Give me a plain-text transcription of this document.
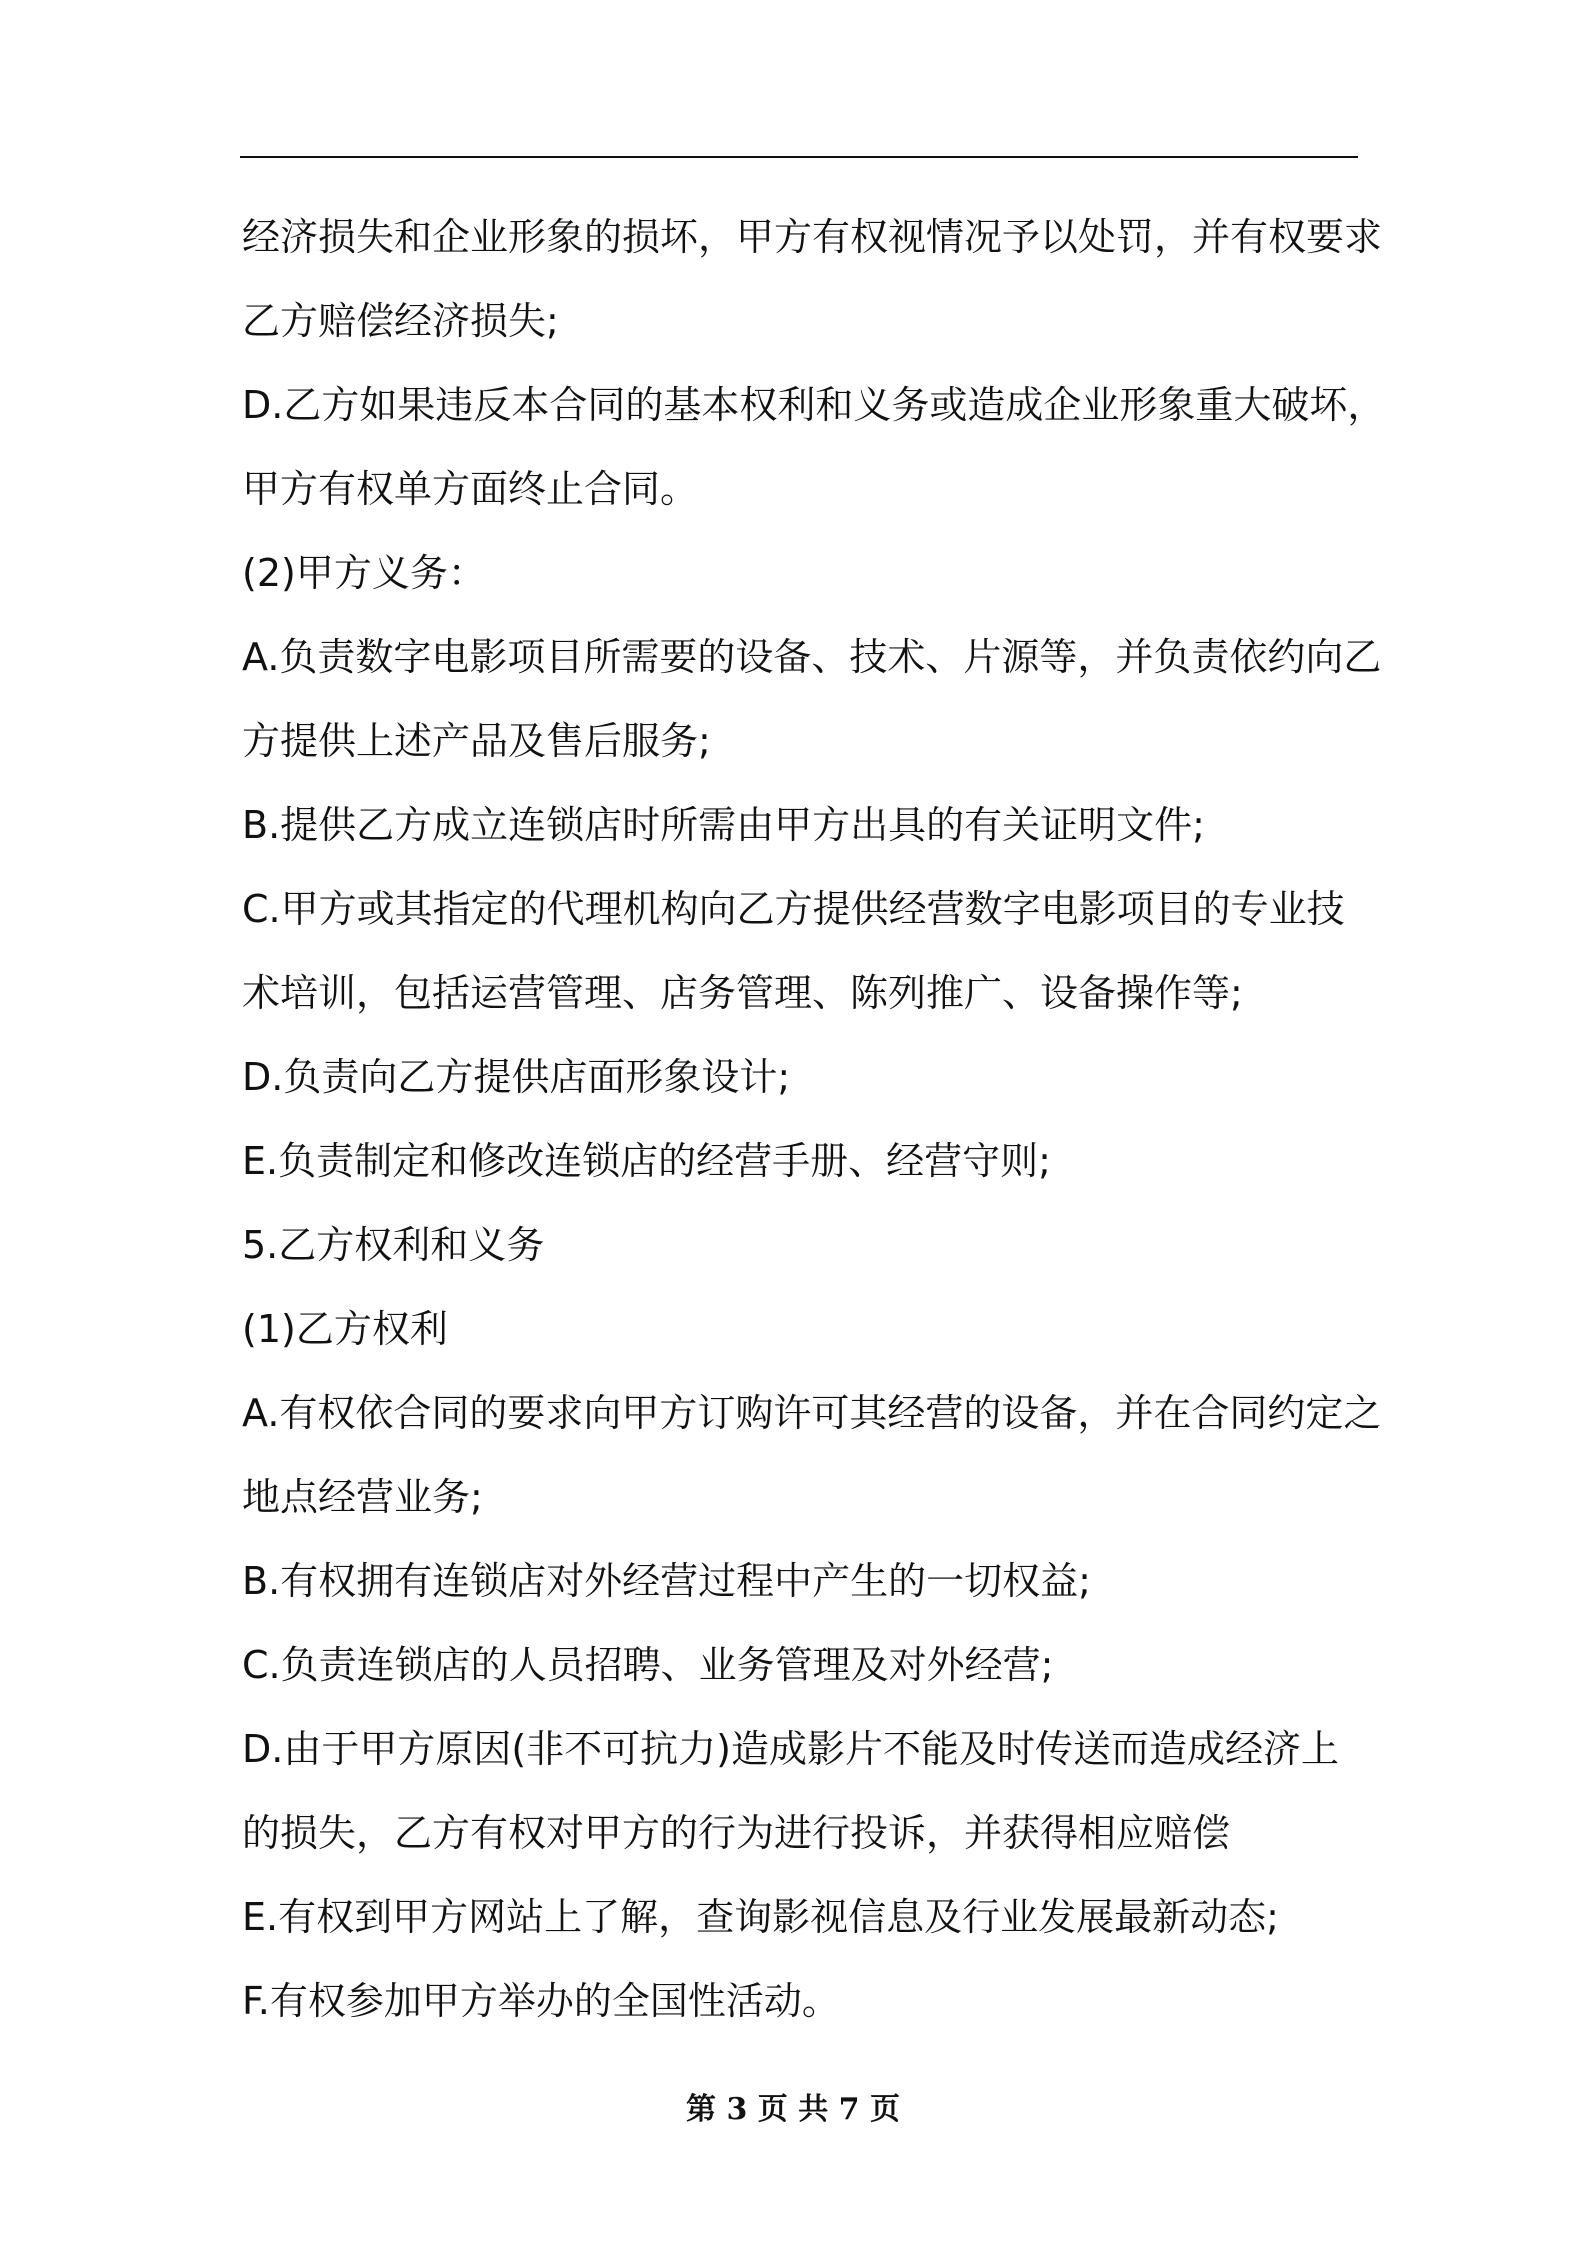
经济损失和企业形象的损坏，甲方有权视情况予以处罚，并有权要求
乙方赔偿经济损失;
D.乙方如果违反本合同的基本权利和义务或造成企业形象重大破坏，
甲方有权单方面终止合同。
(2)甲方义务：
A.负责数字电影项目所需要的设备、技术、片源等，并负责依约向乙
方提供上述产品及售后服务;
B.提供乙方成立连锁店时所需由甲方出具的有关证明文件;
C.甲方或其指定的代理机构向乙方提供经营数字电影项目的专业技
术培训，包括运营管理、店务管理、陈列推广、设备操作等;
D.负责向乙方提供店面形象设计;
E.负责制定和修改连锁店的经营手册、经营守则;
5.乙方权利和义务
(1)乙方权利
A.有权依合同的要求向甲方订购许可其经营的设备，并在合同约定之
地点经营业务;
B.有权拥有连锁店对外经营过程中产生的一切权益;
C.负责连锁店的人员招聘、业务管理及对外经营;
D.由于甲方原因(非不可抗力)造成影片不能及时传送而造成经济上
的损失，乙方有权对甲方的行为进行投诉，并获得相应赔偿
E.有权到甲方网站上了解，查询影视信息及行业发展最新动态;
F.有权参加甲方举办的全国性活动。
第 3 页 共 7 页
